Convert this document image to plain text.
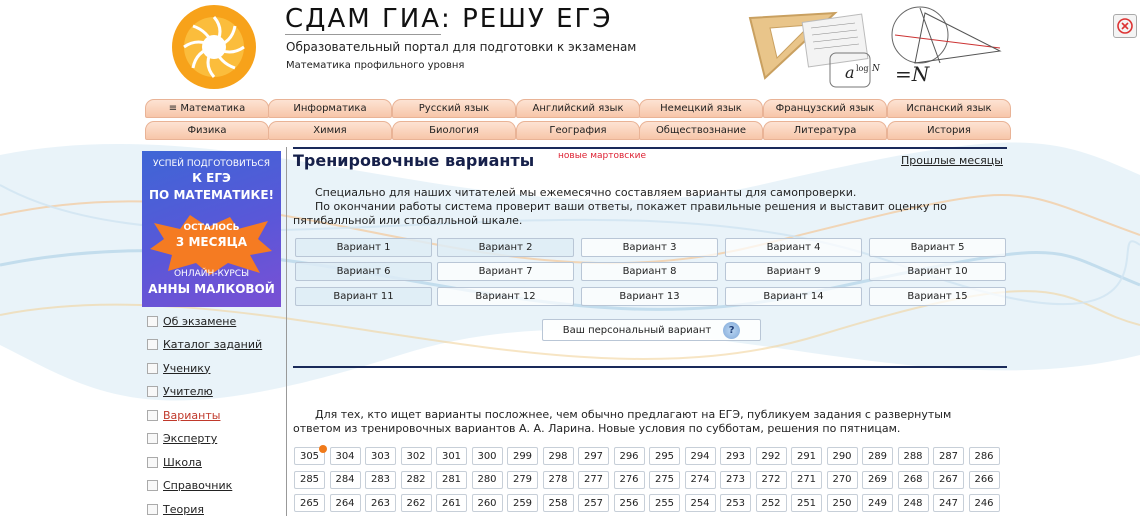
СДАМ ГИА: РЕШУ ЕГЭ
Образовательный портал для подготовки к экзаменам
Математика профильного уровня	a log N =N
≡ Математика	Информатика	Русский язык	Английский язык	Немецкий язык	Французский язык	Испанский язык
Физика	Химия	Биология	География	Обществознание	Литература	История
УСПЕЙ ПОДГОТОВИТЬСЯ
К ЕГЭ
ПО МАТЕМАТИКЕ!
ОСТАЛОСЬ
3 МЕСЯЦА
ОНЛАЙН-КУРСЫ
АННЫ МАЛКОВОЙ
Об экзамене
Каталог заданий
Ученику
Учителю
Варианты
Эксперту
Школа
Справочник
Теория
Тренировочные варианты	новые мартовские	Прошлые месяцы
Специально для наших читателей мы ежемесячно составляем варианты для самопроверки.
По окончании работы система проверит ваши ответы, покажет правильные решения и выставит оценку по пятибалльной или стобалльной шкале.
Вариант 1	Вариант 2	Вариант 3	Вариант 4	Вариант 5
Вариант 6	Вариант 7	Вариант 8	Вариант 9	Вариант 10
Вариант 11	Вариант 12	Вариант 13	Вариант 14	Вариант 15
Ваш персональный вариант	?
Для тех, кто ищет варианты посложнее, чем обычно предлагают на ЕГЭ, публикуем задания с развернутым
ответом из тренировочных вариантов А. А. Ларина. Новые условия по субботам, решения по пятницам.
305	304	303	302	301	300	299	298	297	296	295	294	293	292	291	290	289	288	287	286
285	284	283	282	281	280	279	278	277	276	275	274	273	272	271	270	269	268	267	266
265	264	263	262	261	260	259	258	257	256	255	254	253	252	251	250	249	248	247	246
